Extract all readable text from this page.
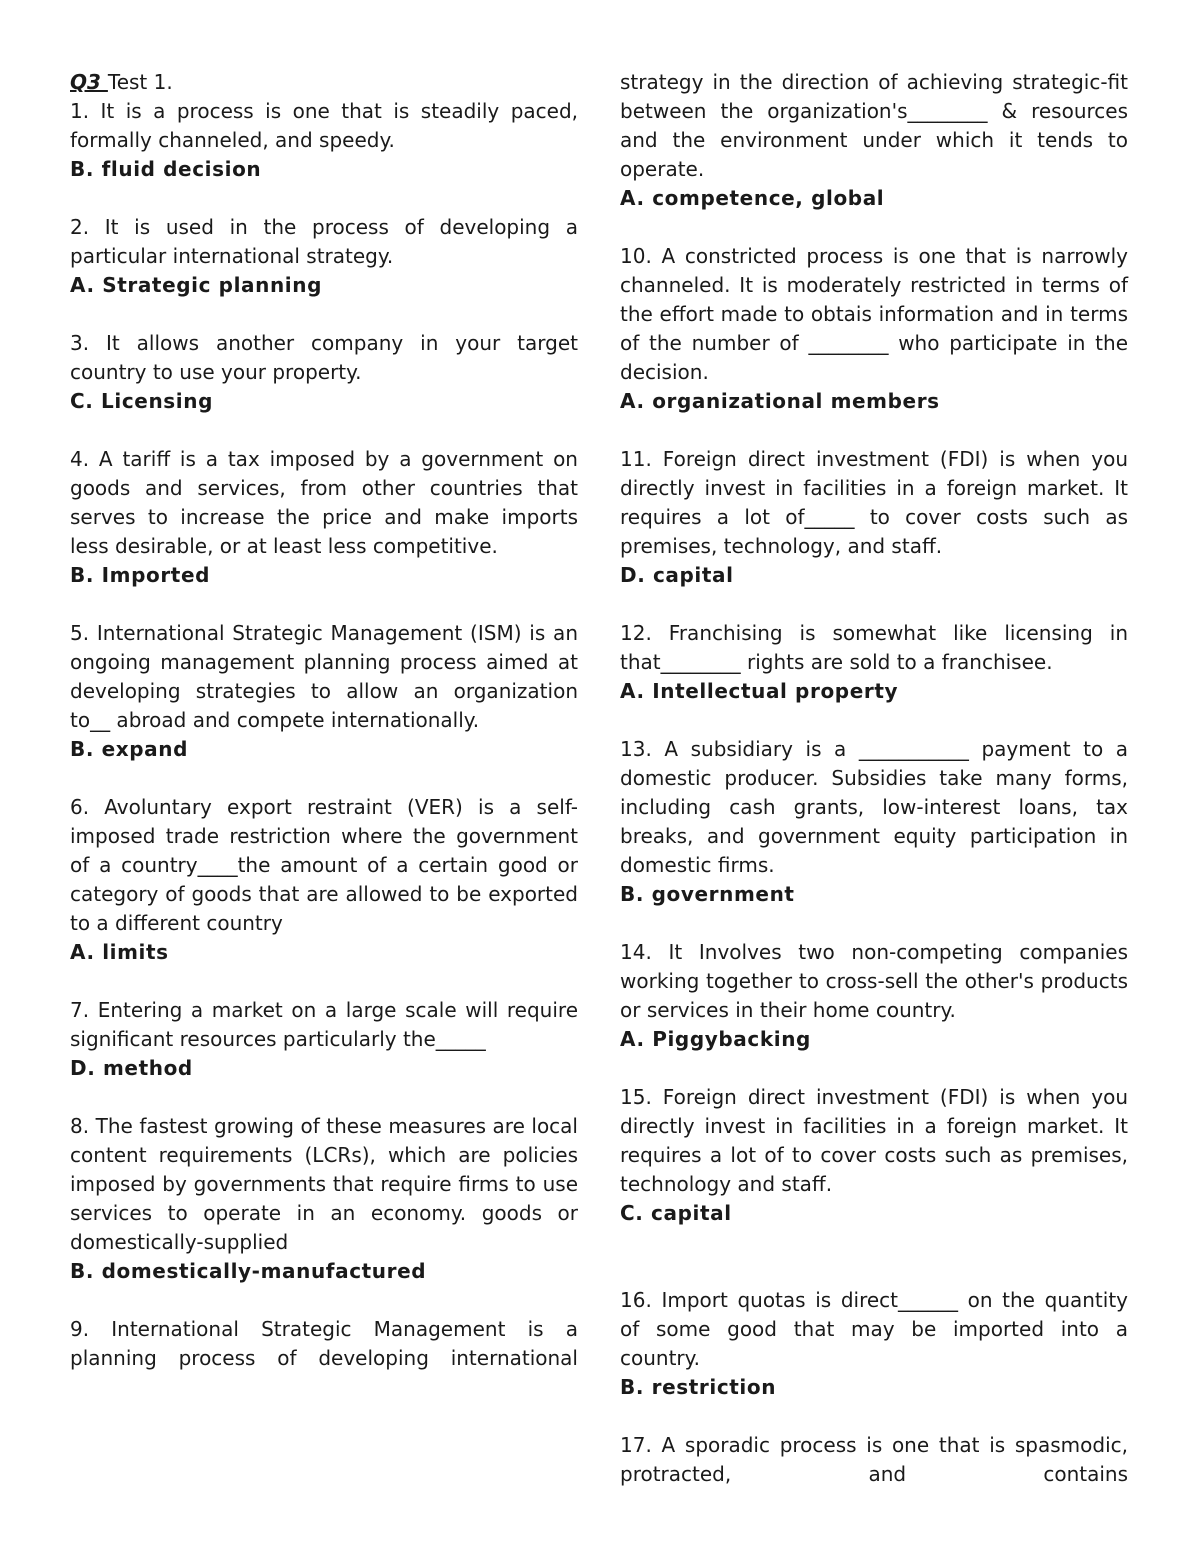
Q3 Test 1.

1. It is a process is one that is steadily paced, formally channeled, and speedy.

B. fluid decision

2. It is used in the process of developing a particular international strategy.

A. Strategic planning

3. It allows another company in your target country to use your property.

C. Licensing

4. A tariff is a tax imposed by a government on goods and services, from other countries that serves to increase the price and make imports less desirable, or at least less competitive.

B. Imported

5. International Strategic Management (ISM) is an ongoing management planning process aimed at developing strategies to allow an organization to__ abroad and compete internationally.

B. expand

6. Avoluntary export restraint (VER) is a self-imposed trade restriction where the government of a country____the amount of a certain good or category of goods that are allowed to be exported to a different country

A. limits

7. Entering a market on a large scale will require significant resources particularly the_____

D. method

8. The fastest growing of these measures are local content requirements (LCRs), which are policies imposed by governments that require firms to use services to operate in an economy. goods or domestically-supplied

B. domestically-manufactured

9. International Strategic Management is a planning process of developing international

strategy in the direction of achieving strategic-fit between the organization's________ & resources and the environment under which it tends to operate.

A. competence, global

10. A constricted process is one that is narrowly channeled. It is moderately restricted in terms of the effort made to obtais information and in terms of the number of ________ who participate in the decision.

A. organizational members

11. Foreign direct investment (FDI) is when you directly invest in facilities in a foreign market. It requires a lot of_____ to cover costs such as premises, technology, and staff.

D. capital

12. Franchising is somewhat like licensing in that________ rights are sold to a franchisee.

A. Intellectual property

13. A subsidiary is a ___________ payment to a domestic producer. Subsidies take many forms, including cash grants, low-interest loans, tax breaks, and government equity participation in domestic firms.

B. government

14. It Involves two non-competing companies working together to cross-sell the other's products or services in their home country.

A. Piggybacking

15. Foreign direct investment (FDI) is when you directly invest in facilities in a foreign market. It requires a lot of to cover costs such as premises, technology and staff.

C. capital

16. Import quotas is direct______ on the quantity of some good that may be imported into a country.

B. restriction

17. A sporadic process is one that is spasmodic, protracted, and contains
